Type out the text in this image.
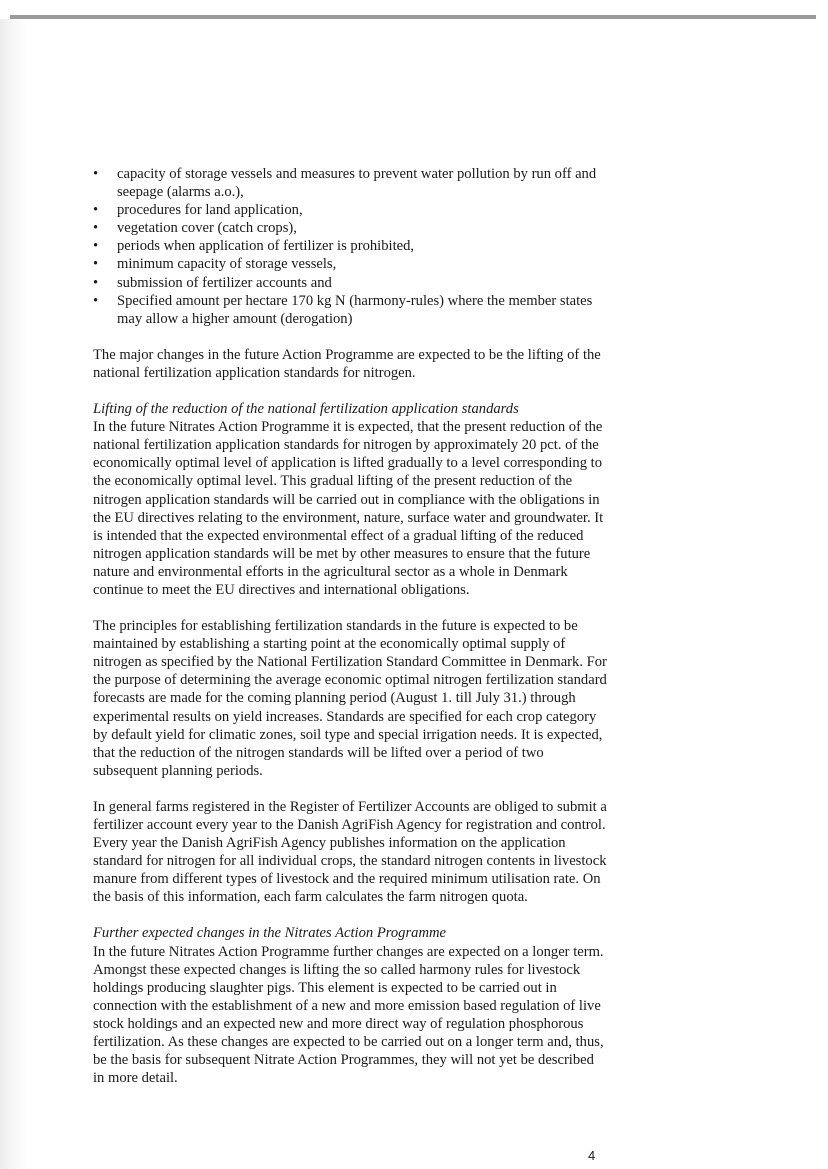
• capacity of storage vessels and measures to prevent water pollution by run off and seepage (alarms a.o.),
• procedures for land application,
• vegetation cover (catch crops),
• periods when application of fertilizer is prohibited,
• minimum capacity of storage vessels,
• submission of fertilizer accounts and
• Specified amount per hectare 170 kg N (harmony-rules) where the member states may allow a higher amount (derogation)

The major changes in the future Action Programme are expected to be the lifting of the national fertilization application standards for nitrogen.

Lifting of the reduction of the national fertilization application standards

In the future Nitrates Action Programme it is expected, that the present reduction of the national fertilization application standards for nitrogen by approximately 20 pct. of the economically optimal level of application is lifted gradually to a level corresponding to the economically optimal level. This gradual lifting of the present reduction of the nitrogen application standards will be carried out in compliance with the obligations in the EU directives relating to the environment, nature, surface water and groundwater. It is intended that the expected environmental effect of a gradual lifting of the reduced nitrogen application standards will be met by other measures to ensure that the future nature and environmental efforts in the agricultural sector as a whole in Denmark continue to meet the EU directives and international obligations.

The principles for establishing fertilization standards in the future is expected to be maintained by establishing a starting point at the economically optimal supply of nitrogen as specified by the National Fertilization Standard Committee in Denmark. For the purpose of determining the average economic optimal nitrogen fertilization standard forecasts are made for the coming planning period (August 1. till July 31.) through experimental results on yield increases. Standards are specified for each crop category by default yield for climatic zones, soil type and special irrigation needs. It is expected, that the reduction of the nitrogen standards will be lifted over a period of two subsequent planning periods.

In general farms registered in the Register of Fertilizer Accounts are obliged to submit a fertilizer account every year to the Danish AgriFish Agency for registration and control. Every year the Danish AgriFish Agency publishes information on the application standard for nitrogen for all individual crops, the standard nitrogen contents in livestock manure from different types of livestock and the required minimum utilisation rate. On the basis of this information, each farm calculates the farm nitrogen quota.

Further expected changes in the Nitrates Action Programme

In the future Nitrates Action Programme further changes are expected on a longer term. Amongst these expected changes is lifting the so called harmony rules for livestock holdings producing slaughter pigs. This element is expected to be carried out in connection with the establishment of a new and more emission based regulation of live stock holdings and an expected new and more direct way of regulation phosphorous fertilization. As these changes are expected to be carried out on a longer term and, thus, be the basis for subsequent Nitrate Action Programmes, they will not yet be described in more detail.

4
